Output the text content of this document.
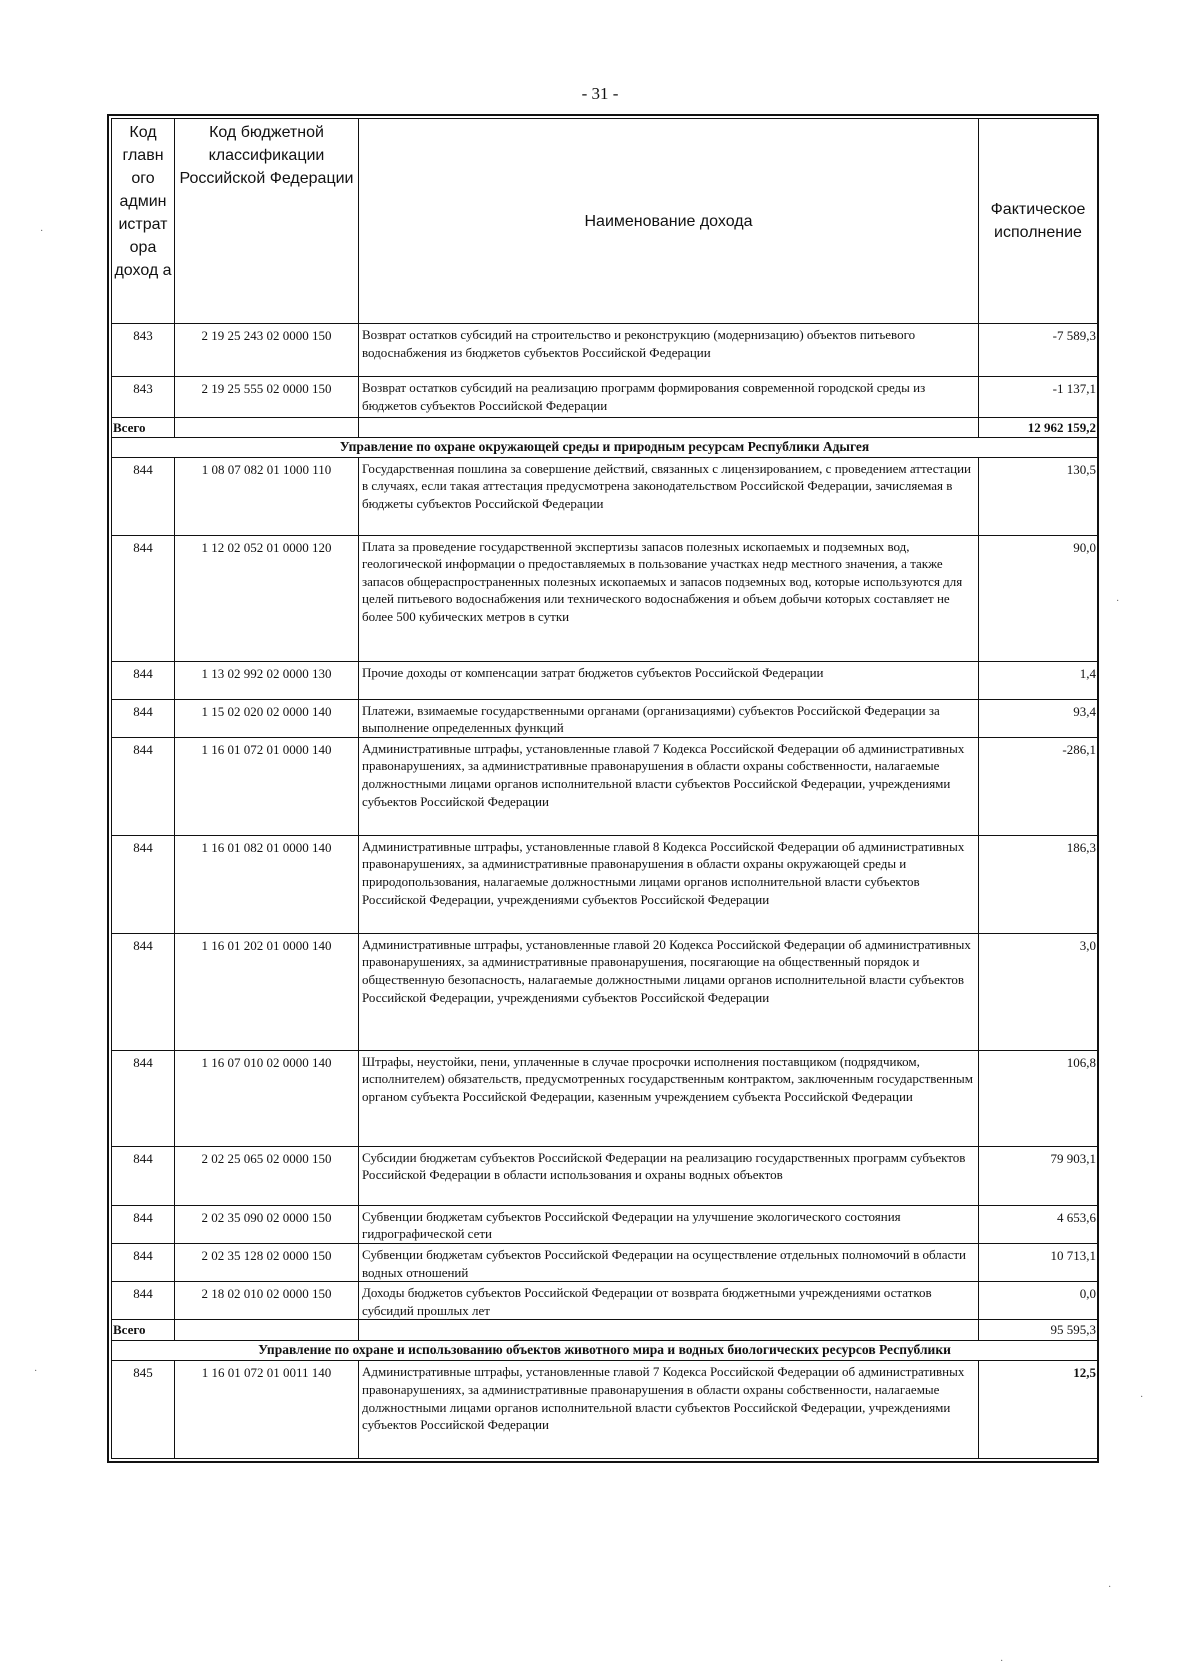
- 31 -
Код главн ого админ истрат ора доход а	Код бюджетной классификации Российской Федерации	Наименование дохода	Фактическое исполнение
843	2 19 25 243 02 0000 150	Возврат остатков субсидий на строительство и реконструкцию (модернизацию) объектов питьевого водоснабжения из бюджетов субъектов Российской Федерации	-7 589,3
843	2 19 25 555 02 0000 150	Возврат остатков субсидий на реализацию программ формирования современной городской среды из бюджетов субъектов Российской Федерации	-1 137,1
Всего			12 962 159,2
Управление по охране окружающей среды и природным ресурсам Республики Адыгея			
844	1 08 07 082 01 1000 110	Государственная пошлина за совершение действий, связанных с лицензированием, с проведением аттестации в случаях, если такая аттестация предусмотрена законодательством Российской Федерации, зачисляемая в бюджеты субъектов Российской Федерации	130,5
844	1 12 02 052 01 0000 120	Плата за проведение государственной экспертизы запасов полезных ископаемых и подземных вод, геологической информации о предоставляемых в пользование участках недр местного значения, а также запасов общераспространенных полезных ископаемых и запасов подземных вод, которые используются для целей питьевого водоснабжения или технического водоснабжения и объем добычи которых составляет не более 500 кубических метров в сутки	90,0
844	1 13 02 992 02 0000 130	Прочие доходы от компенсации затрат бюджетов субъектов Российской Федерации	1,4
844	1 15 02 020 02 0000 140	Платежи, взимаемые государственными органами (организациями) субъектов Российской Федерации за выполнение определенных функций	93,4
844	1 16 01 072 01 0000 140	Административные штрафы, установленные главой 7 Кодекса Российской Федерации об административных правонарушениях, за административные правонарушения в области охраны собственности, налагаемые должностными лицами органов исполнительной власти субъектов Российской Федерации, учреждениями субъектов Российской Федерации	-286,1
844	1 16 01 082 01 0000 140	Административные штрафы, установленные главой 8 Кодекса Российской Федерации об административных правонарушениях, за административные правонарушения в области охраны окружающей среды и природопользования, налагаемые должностными лицами органов исполнительной власти субъектов Российской Федерации, учреждениями субъектов Российской Федерации	186,3
844	1 16 01 202 01 0000 140	Административные штрафы, установленные главой 20 Кодекса Российской Федерации об административных правонарушениях, за административные правонарушения, посягающие на общественный порядок и общественную безопасность, налагаемые должностными лицами органов исполнительной власти субъектов Российской Федерации, учреждениями субъектов Российской Федерации	3,0
844	1 16 07 010 02 0000 140	Штрафы, неустойки, пени, уплаченные в случае просрочки исполнения поставщиком (подрядчиком, исполнителем) обязательств, предусмотренных государственным контрактом, заключенным государственным органом субъекта Российской Федерации, казенным учреждением субъекта Российской Федерации	106,8
844	2 02 25 065 02 0000 150	Субсидии бюджетам субъектов Российской Федерации на реализацию государственных программ субъектов Российской Федерации в области использования и охраны водных объектов	79 903,1
844	2 02 35 090 02 0000 150	Субвенции бюджетам субъектов Российской Федерации на улучшение экологического состояния гидрографической сети	4 653,6
844	2 02 35 128 02 0000 150	Субвенции бюджетам субъектов Российской Федерации на осуществление отдельных полномочий в области водных отношений	10 713,1
844	2 18 02 010 02 0000 150	Доходы бюджетов субъектов Российской Федерации от возврата бюджетными учреждениями остатков субсидий прошлых лет	0,0
Всего			95 595,3
Управление по охране и использованию объектов животного мира и водных биологических ресурсов Республики			
845	1 16 01 072 01 0011 140	Административные штрафы, установленные главой 7 Кодекса Российской Федерации об административных правонарушениях, за административные правонарушения в области охраны собственности, налагаемые должностными лицами органов исполнительной власти субъектов Российской Федерации, учреждениями субъектов Российской Федерации	12,5
·
·
·
·
·
·
